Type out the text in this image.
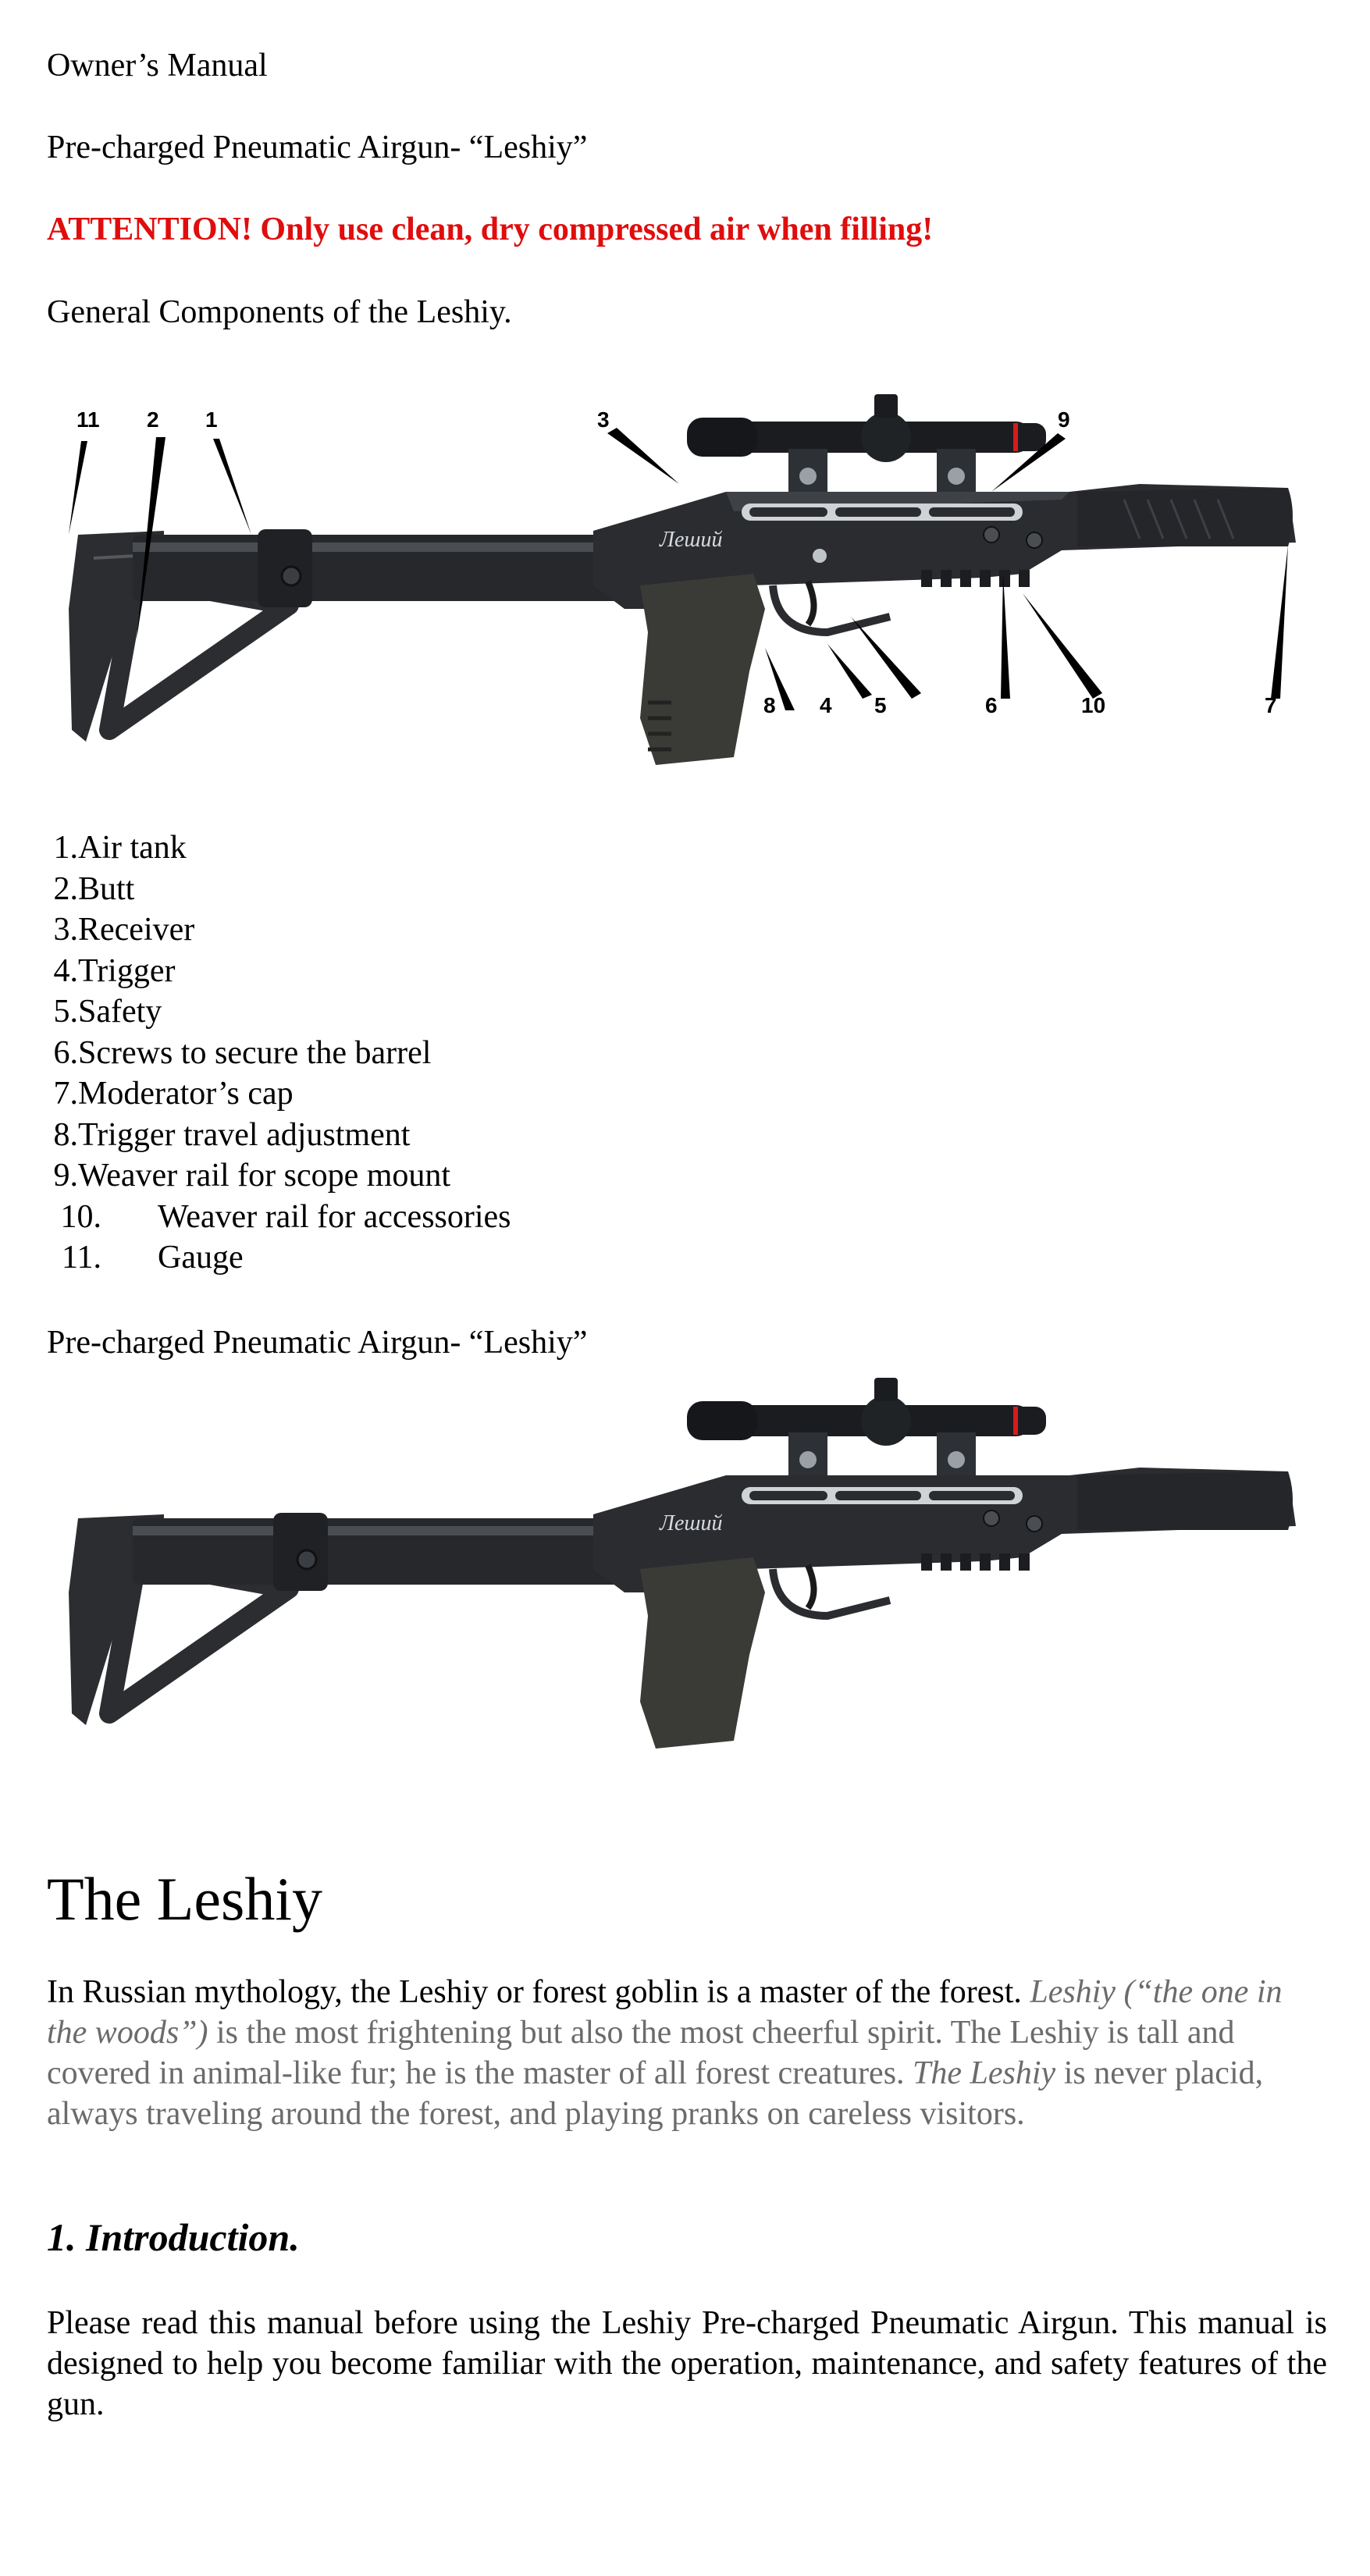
Owner’s Manual

Pre-charged Pneumatic Airgun- “Leshiy”

ATTENTION! Only use clean, dry compressed air when filling!

General Components of the Leshiy.

Леший
11 2 1	3	9
8 4 5	6	10	7
1.Air tank
2.Butt
3.Receiver
4.Trigger
5.Safety
6.Screws to secure the barrel
7.Moderator’s cap
8.Trigger travel adjustment
9.Weaver rail for scope mount
10. Weaver rail for accessories
11. Gauge

Pre-charged Pneumatic Airgun- “Leshiy”

Леший
The Leshiy

In Russian mythology, the Leshiy or forest goblin is a master of the forest. Leshiy (“the one in the woods”) is the most frightening but also the most cheerful spirit. The Leshiy is tall and covered in animal-like fur; he is the master of all forest creatures. The Leshiy is never placid, always traveling around the forest, and playing pranks on careless visitors.

1. Introduction.

Please read this manual before using the Leshiy Pre-charged Pneumatic Airgun. This manual is designed to help you become familiar with the operation, maintenance, and safety features of the gun.
